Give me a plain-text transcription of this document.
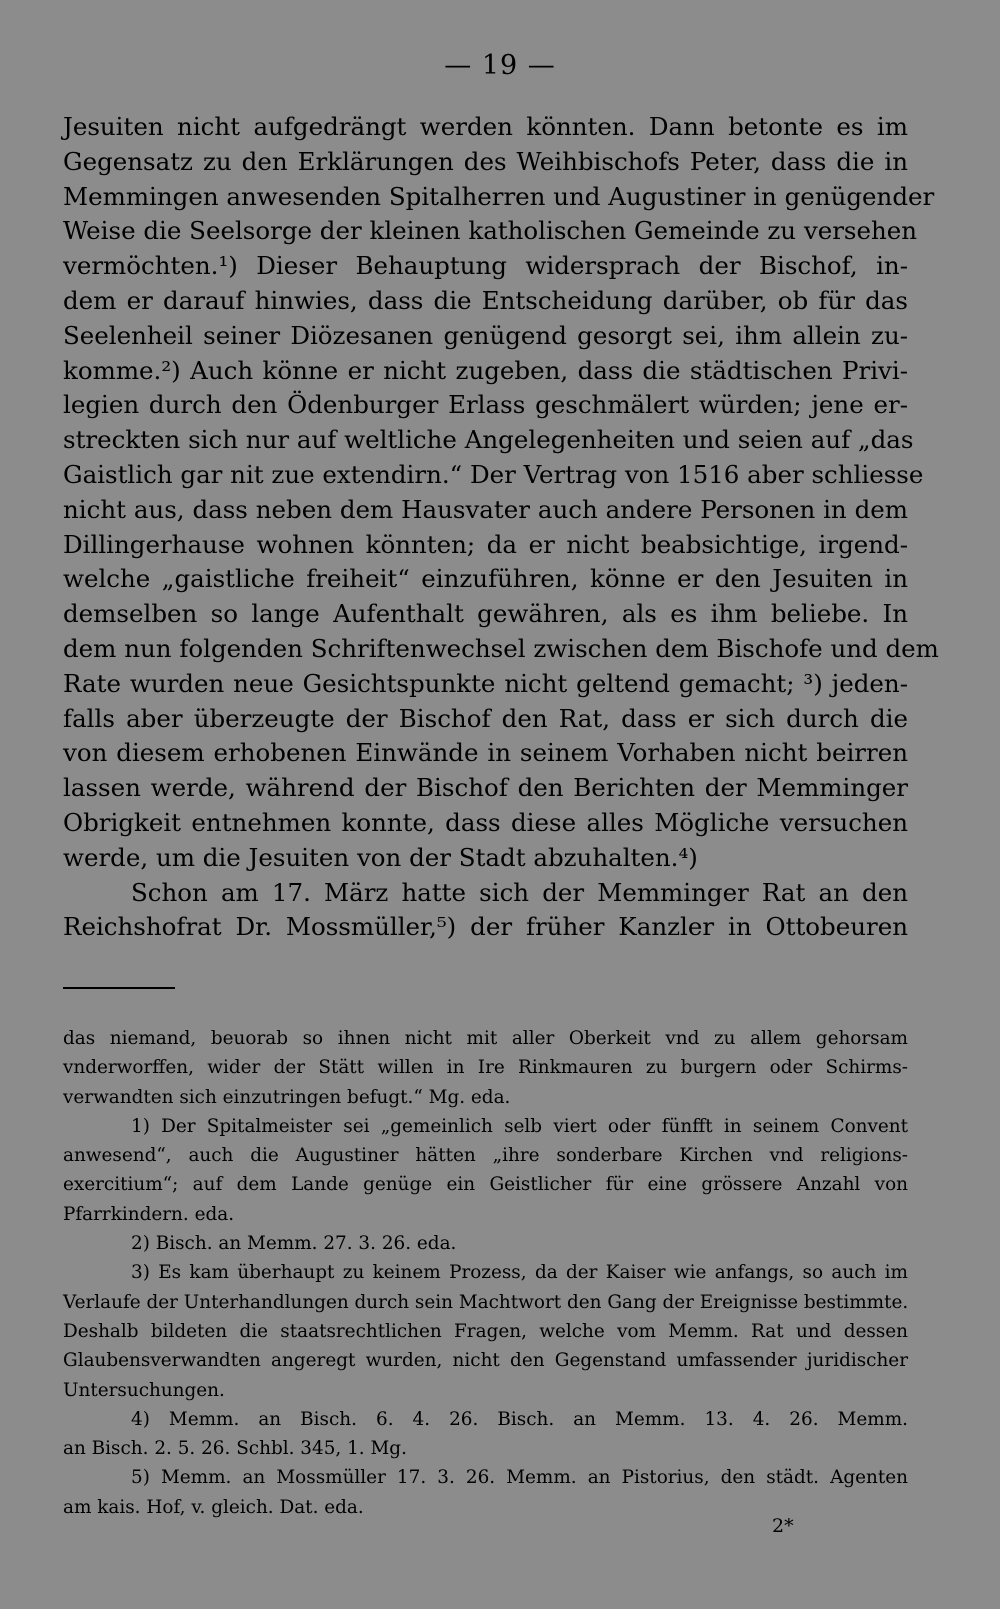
— 19 —
Jesuiten nicht aufgedrängt werden könnten. Dann betonte es im
Gegensatz zu den Erklärungen des Weihbischofs Peter, dass die in
Memmingen anwesenden Spitalherren und Augustiner in genügender
Weise die Seelsorge der kleinen katholischen Gemeinde zu versehen
vermöchten.¹) Dieser Behauptung widersprach der Bischof, in-
dem er darauf hinwies, dass die Entscheidung darüber, ob für das
Seelenheil seiner Diözesanen genügend gesorgt sei, ihm allein zu-
komme.²) Auch könne er nicht zugeben, dass die städtischen Privi-
legien durch den Ödenburger Erlass geschmälert würden; jene er-
streckten sich nur auf weltliche Angelegenheiten und seien auf „das
Gaistlich gar nit zue extendirn.“ Der Vertrag von 1516 aber schliesse
nicht aus, dass neben dem Hausvater auch andere Personen in dem
Dillingerhause wohnen könnten; da er nicht beabsichtige, irgend-
welche „gaistliche freiheit“ einzuführen, könne er den Jesuiten in
demselben so lange Aufenthalt gewähren, als es ihm beliebe. In
dem nun folgenden Schriftenwechsel zwischen dem Bischofe und dem
Rate wurden neue Gesichtspunkte nicht geltend gemacht; ³) jeden-
falls aber überzeugte der Bischof den Rat, dass er sich durch die
von diesem erhobenen Einwände in seinem Vorhaben nicht beirren
lassen werde, während der Bischof den Berichten der Memminger
Obrigkeit entnehmen konnte, dass diese alles Mögliche versuchen
werde, um die Jesuiten von der Stadt abzuhalten.⁴)
Schon am 17. März hatte sich der Memminger Rat an den
Reichshofrat Dr. Mossmüller,⁵) der früher Kanzler in Ottobeuren
das niemand, beuorab so ihnen nicht mit aller Oberkeit vnd zu allem gehorsam
vnderworffen, wider der Stätt willen in Ire Rinkmauren zu burgern oder Schirms-
verwandten sich einzutringen befugt.“ Mg. eda.
1) Der Spitalmeister sei „gemeinlich selb viert oder fünfft in seinem Convent
anwesend“, auch die Augustiner hätten „ihre sonderbare Kirchen vnd religions-
exercitium“; auf dem Lande genüge ein Geistlicher für eine grössere Anzahl von
Pfarrkindern. eda.
2) Bisch. an Memm. 27. 3. 26. eda.
3) Es kam überhaupt zu keinem Prozess, da der Kaiser wie anfangs, so auch im
Verlaufe der Unterhandlungen durch sein Machtwort den Gang der Ereignisse bestimmte.
Deshalb bildeten die staatsrechtlichen Fragen, welche vom Memm. Rat und dessen
Glaubensverwandten angeregt wurden, nicht den Gegenstand umfassender juridischer
Untersuchungen.
4) Memm. an Bisch. 6. 4. 26. Bisch. an Memm. 13. 4. 26. Memm.
an Bisch. 2. 5. 26. Schbl. 345, 1. Mg.
5) Memm. an Mossmüller 17. 3. 26. Memm. an Pistorius, den städt. Agenten
am kais. Hof, v. gleich. Dat. eda.
2*
